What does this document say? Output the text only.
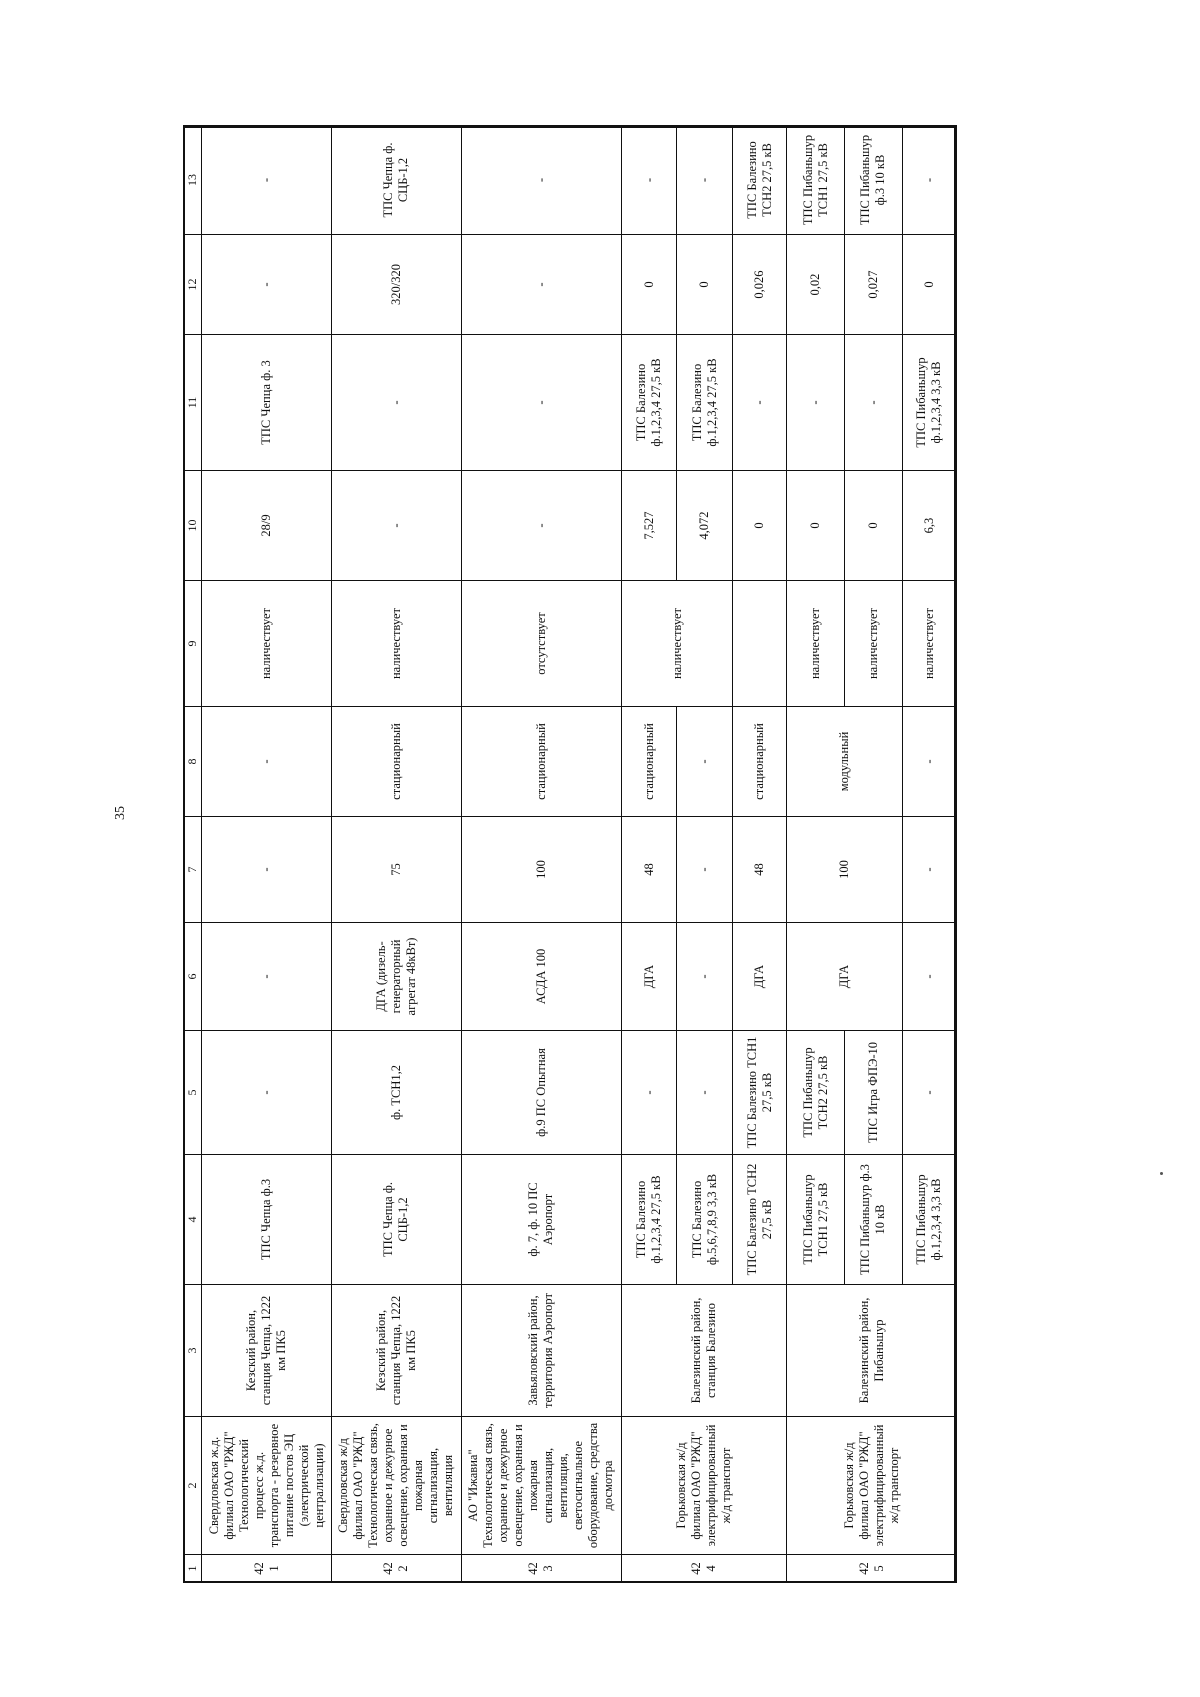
35
1	2	3	4	5	6	7	8	9	10	11	12	13
421	Свердловская ж.д. филиал ОАО "РЖД" Технологический процесс ж.д. транспорта - резервное питание постов ЭЦ (электрической централизации)	Кезский район, станция Чепца, 1222 км ПК5	ТПС Чепца ф.3	-	-	-	-	наличествует	28/9	ТПС Чепца ф. 3	-	-
422	Свердловская ж/д филиал ОАО "РЖД" Технологическая связь, охранное и дежурное освещение, охранная и пожарная сигнализация, вентиляция	Кезский район, станция Чепца, 1222 км ПК5	ТПС Чепца ф. СЦБ-1,2	ф. ТСН1,2	ДГА (дизель-генераторный агрегат 48кВт)	75	стационарный	наличествует	-	-	320/320	ТПС Чепца ф. СЦБ-1,2
423	АО "Ижавиа" Технологическая связь, охранное и дежурное освещение, охранная и пожарная сигнализация, вентиляция, светосигнальное оборудование, средства досмотра	Завьяловский район, территория Аэропорт	ф. 7, ф. 10 ПС Аэропорт	ф.9 ПС Опытная	АСДА 100	100	стационарный	отсутствует	-	-	-	-
424	Горьковская ж/д филиал ОАО "РЖД" электрифицированный ж/д транспорт	Балезинский район, станция Балезино	ТПС Балезино ф.1,2,3,4 27,5 кВ	-	ДГА	48	стационарный	наличествует	7,527	ТПС Балезино ф.1,2,3,4 27,5 кВ	0	-
			ТПС Балезино ф.5,6,7,8,9 3,3 кВ	-	-	-	-		4,072	ТПС Балезино ф.1,2,3,4 27,5 кВ	0	-
			ТПС Балезино ТСН2 27,5 кВ	ТПС Балезино ТСН1 27,5 кВ	ДГА	48	стационарный		0	-	0,026	ТПС Балезино ТСН2 27,5 кВ
425	Горьковская ж/д филиал ОАО "РЖД" электрифицированный ж/д транспорт	Балезинский район, Пибаньшур	ТПС Пибаньшур ТСН1 27,5 кВ	ТПС Пибаньшур ТСН2 27,5 кВ	ДГА	100	модульный	наличествует	0	-	0,02	ТПС Пибаньшур ТСН1 27,5 кВ
			ТПС Пибаньшур ф.3 10 кВ	ТПС Игра ФПЭ-10				наличествует	0	-	0,027	ТПС Пибаньшур ф.3 10 кВ
			ТПС Пибаньшур ф.1,2,3,4 3,3 кВ	-	-	-	-	наличествует	6,3	ТПС Пибаньшур ф.1,2,3,4 3,3 кВ	0	-
